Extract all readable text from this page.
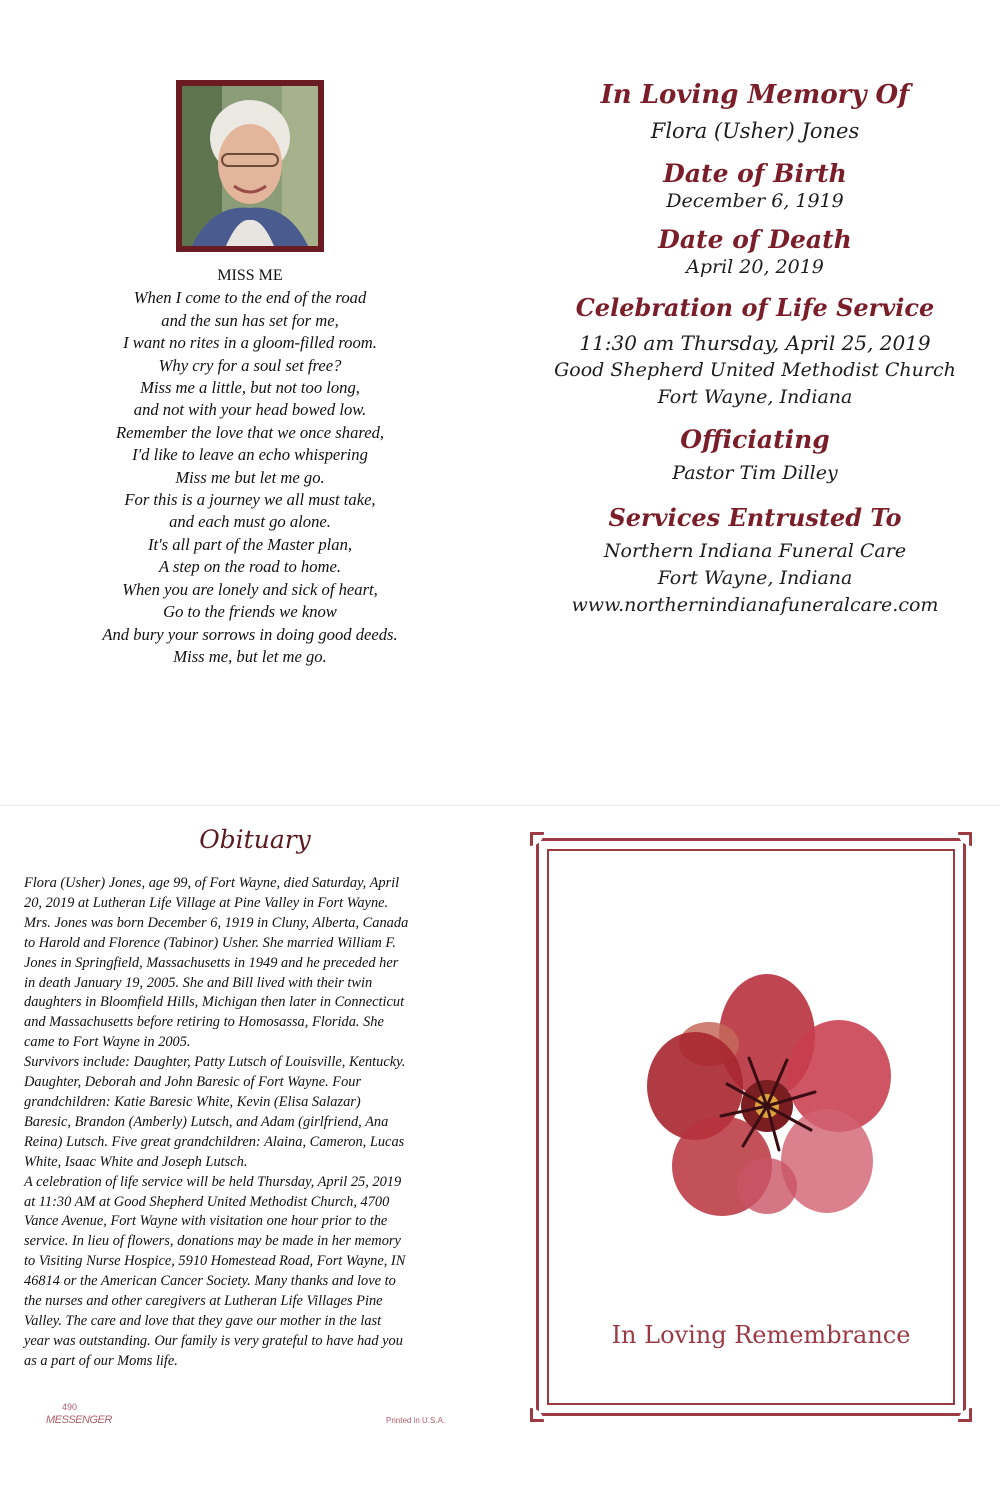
MISS ME
When I come to the end of the road
and the sun has set for me,
I want no rites in a gloom-filled room.
Why cry for a soul set free?
Miss me a little, but not too long,
and not with your head bowed low.
Remember the love that we once shared,
I'd like to leave an echo whispering
Miss me but let me go.
For this is a journey we all must take,
and each must go alone.
It's all part of the Master plan,
A step on the road to home.
When you are lonely and sick of heart,
Go to the friends we know
And bury your sorrows in doing good deeds.
Miss me, but let me go.
In Loving Memory Of

Flora (Usher) Jones

Date of Birth

December 6, 1919

Date of Death

April 20, 2019

Celebration of Life Service

11:30 am Thursday, April 25, 2019

Good Shepherd United Methodist Church

Fort Wayne, Indiana

Officiating

Pastor Tim Dilley

Services Entrusted To

Northern Indiana Funeral Care

Fort Wayne, Indiana

www.northernindianafuneralcare.com

Obituary

Flora (Usher) Jones, age 99, of Fort Wayne, died Saturday, April

20, 2019 at Lutheran Life Village at Pine Valley in Fort Wayne.

Mrs. Jones was born December 6, 1919 in Cluny, Alberta, Canada

to Harold and Florence (Tabinor) Usher. She married William F.

Jones in Springfield, Massachusetts in 1949 and he preceded her

in death January 19, 2005. She and Bill lived with their twin

daughters in Bloomfield Hills, Michigan then later in Connecticut

and Massachusetts before retiring to Homosassa, Florida. She

came to Fort Wayne in 2005.

Survivors include: Daughter, Patty Lutsch of Louisville, Kentucky.

Daughter, Deborah and John Baresic of Fort Wayne. Four

grandchildren: Katie Baresic White, Kevin (Elisa Salazar)

Baresic, Brandon (Amberly) Lutsch, and Adam (girlfriend, Ana

Reina) Lutsch. Five great grandchildren: Alaina, Cameron, Lucas

White, Isaac White and Joseph Lutsch.

A celebration of life service will be held Thursday, April 25, 2019

at 11:30 AM at Good Shepherd United Methodist Church, 4700

Vance Avenue, Fort Wayne with visitation one hour prior to the

service. In lieu of flowers, donations may be made in her memory

to Visiting Nurse Hospice, 5910 Homestead Road, Fort Wayne, IN

46814 or the American Cancer Society. Many thanks and love to

the nurses and other caregivers at Lutheran Life Villages Pine

Valley. The care and love that they gave our mother in the last

year was outstanding. Our family is very grateful to have had you

as a part of our Moms life.

In Loving Remembrance
490
MESSENGER	Printed in U.S.A.
